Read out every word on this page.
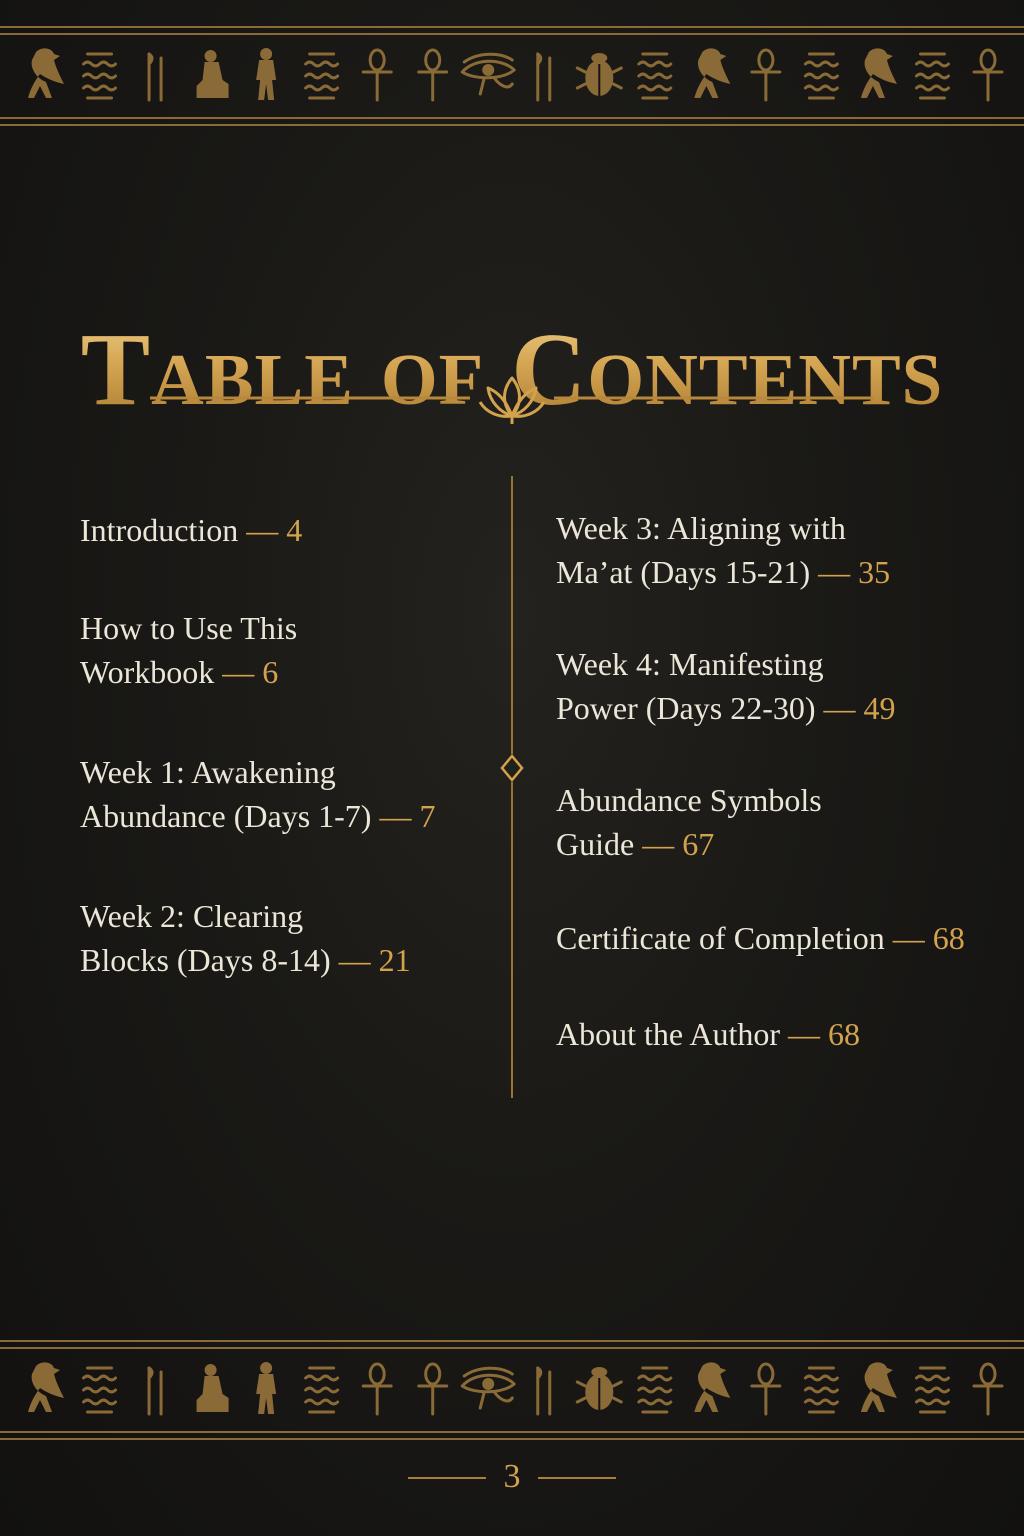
Table of Contents
Introduction — 4
How to Use This
Workbook — 6
Week 1: Awakening
Abundance (Days 1-7) — 7
Week 2: Clearing
Blocks (Days 8-14) — 21
Week 3: Aligning with
Ma’at (Days 15-21) — 35
Week 4: Manifesting
Power (Days 22-30) — 49
Abundance Symbols
Guide — 67
Certificate of Completion — 68
About the Author — 68
3
